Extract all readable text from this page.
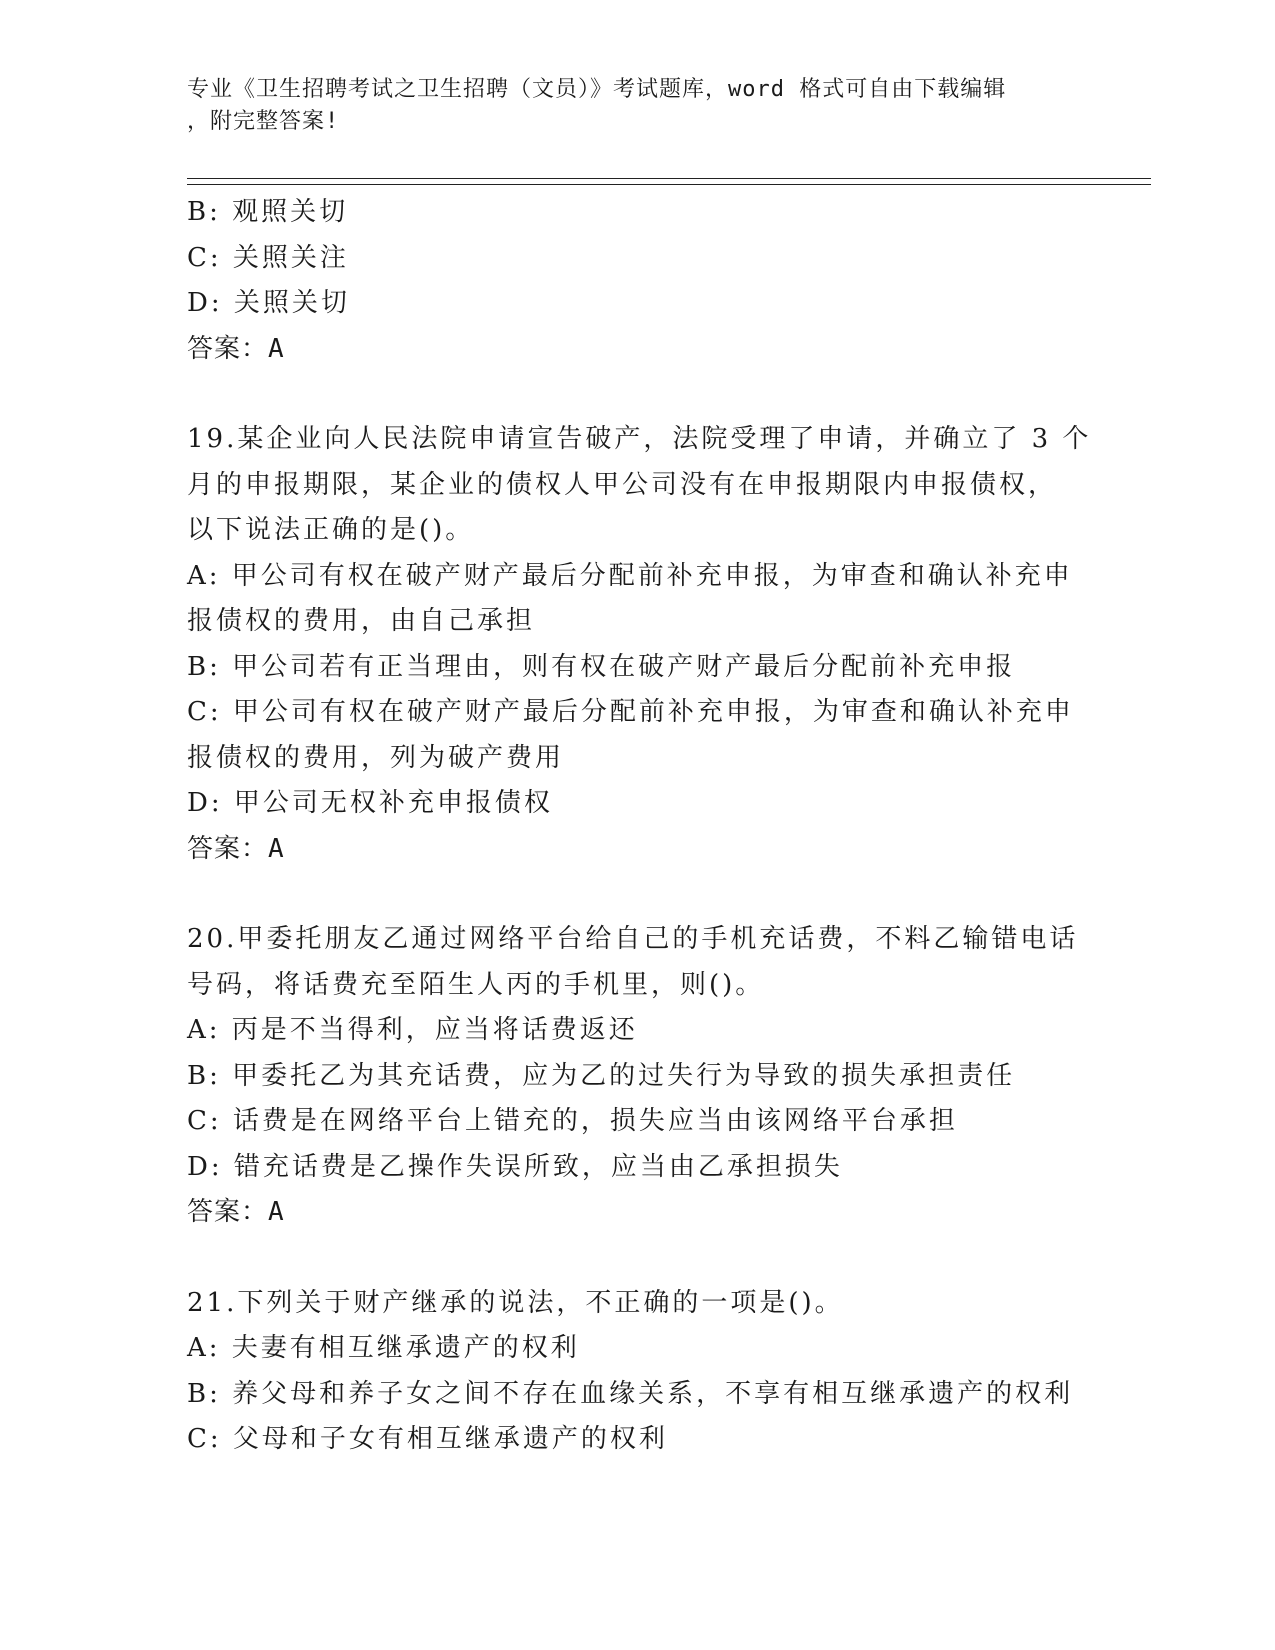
专业《卫生招聘考试之卫生招聘（文员）》考试题库，word 格式可自由下载编辑
，附完整答案!
B: 观照关切
C: 关照关注
D: 关照关切
答案：A
19.某企业向人民法院申请宣告破产，法院受理了申请，并确立了 3 个
月的申报期限，某企业的债权人甲公司没有在申报期限内申报债权，
以下说法正确的是()。
A: 甲公司有权在破产财产最后分配前补充申报，为审查和确认补充申
报债权的费用，由自己承担
B: 甲公司若有正当理由，则有权在破产财产最后分配前补充申报
C: 甲公司有权在破产财产最后分配前补充申报，为审查和确认补充申
报债权的费用，列为破产费用
D: 甲公司无权补充申报债权
答案：A
20.甲委托朋友乙通过网络平台给自己的手机充话费，不料乙输错电话
号码，将话费充至陌生人丙的手机里，则()。
A: 丙是不当得利，应当将话费返还
B: 甲委托乙为其充话费，应为乙的过失行为导致的损失承担责任
C: 话费是在网络平台上错充的，损失应当由该网络平台承担
D: 错充话费是乙操作失误所致，应当由乙承担损失
答案：A
21.下列关于财产继承的说法，不正确的一项是()。
A: 夫妻有相互继承遗产的权利
B: 养父母和养子女之间不存在血缘关系，不享有相互继承遗产的权利
C: 父母和子女有相互继承遗产的权利
